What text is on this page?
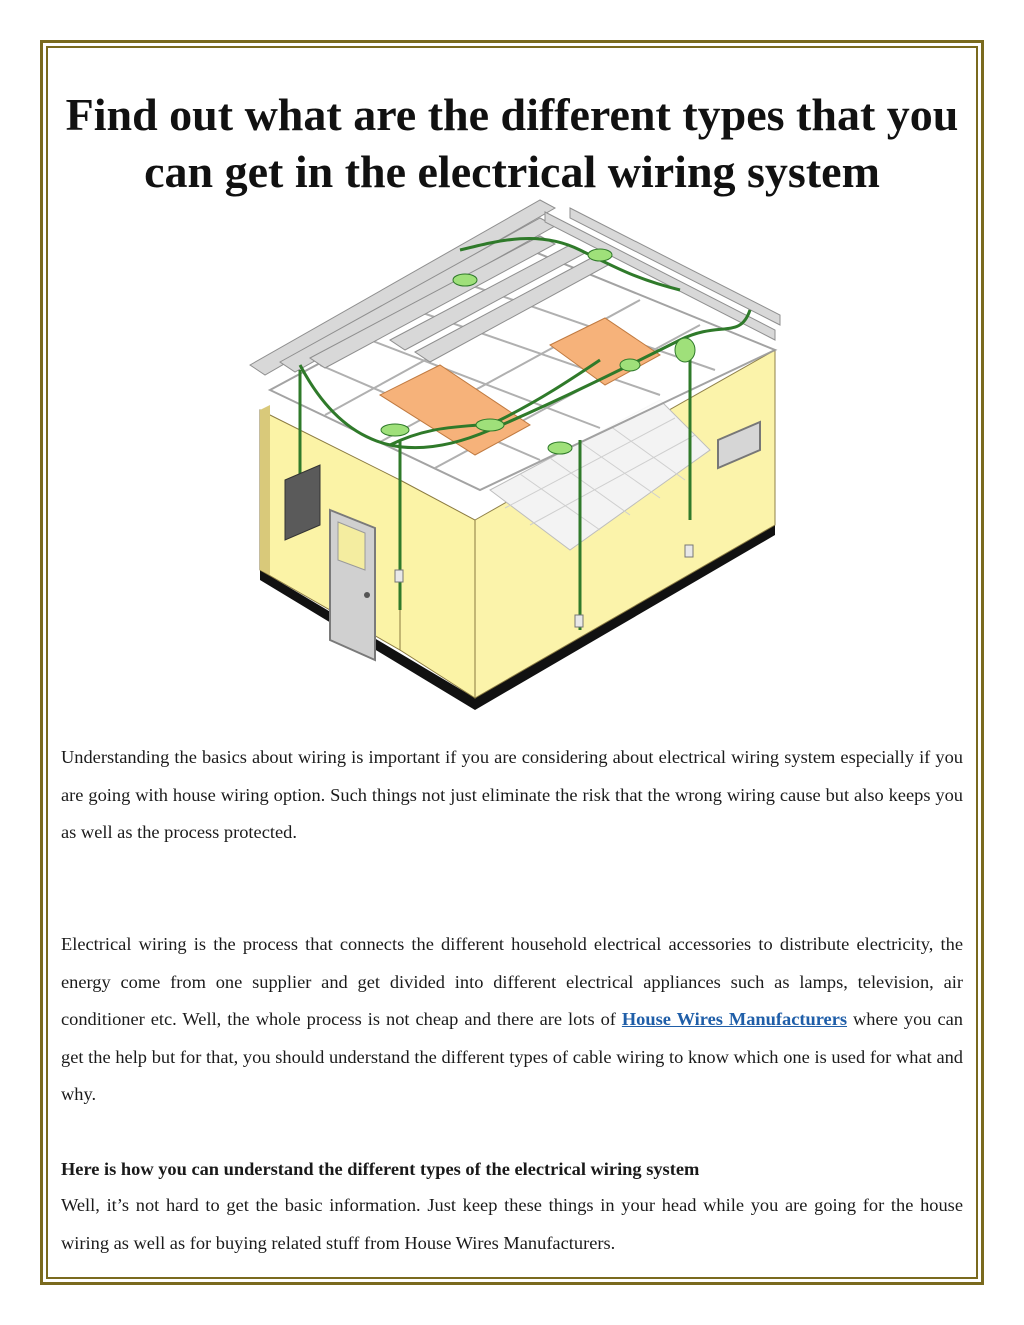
Find out what are the different types that you can get in the electrical wiring system
Understanding the basics about wiring is important if you are considering about electrical wiring system especially if you are going with house wiring option. Such things not just eliminate the risk that the wrong wiring cause but also keeps you as well as the process protected.
Electrical wiring is the process that connects the different household electrical accessories to distribute electricity, the energy come from one supplier and get divided into different electrical appliances such as lamps, television, air conditioner etc. Well, the whole process is not cheap and there are lots of House Wires Manufacturers where you can get the help but for that, you should understand the different types of cable wiring to know which one is used for what and why.
Here is how you can understand the different types of the electrical wiring system
Well, it’s not hard to get the basic information. Just keep these things in your head while you are going for the house wiring as well as for buying related stuff from House Wires Manufacturers.
